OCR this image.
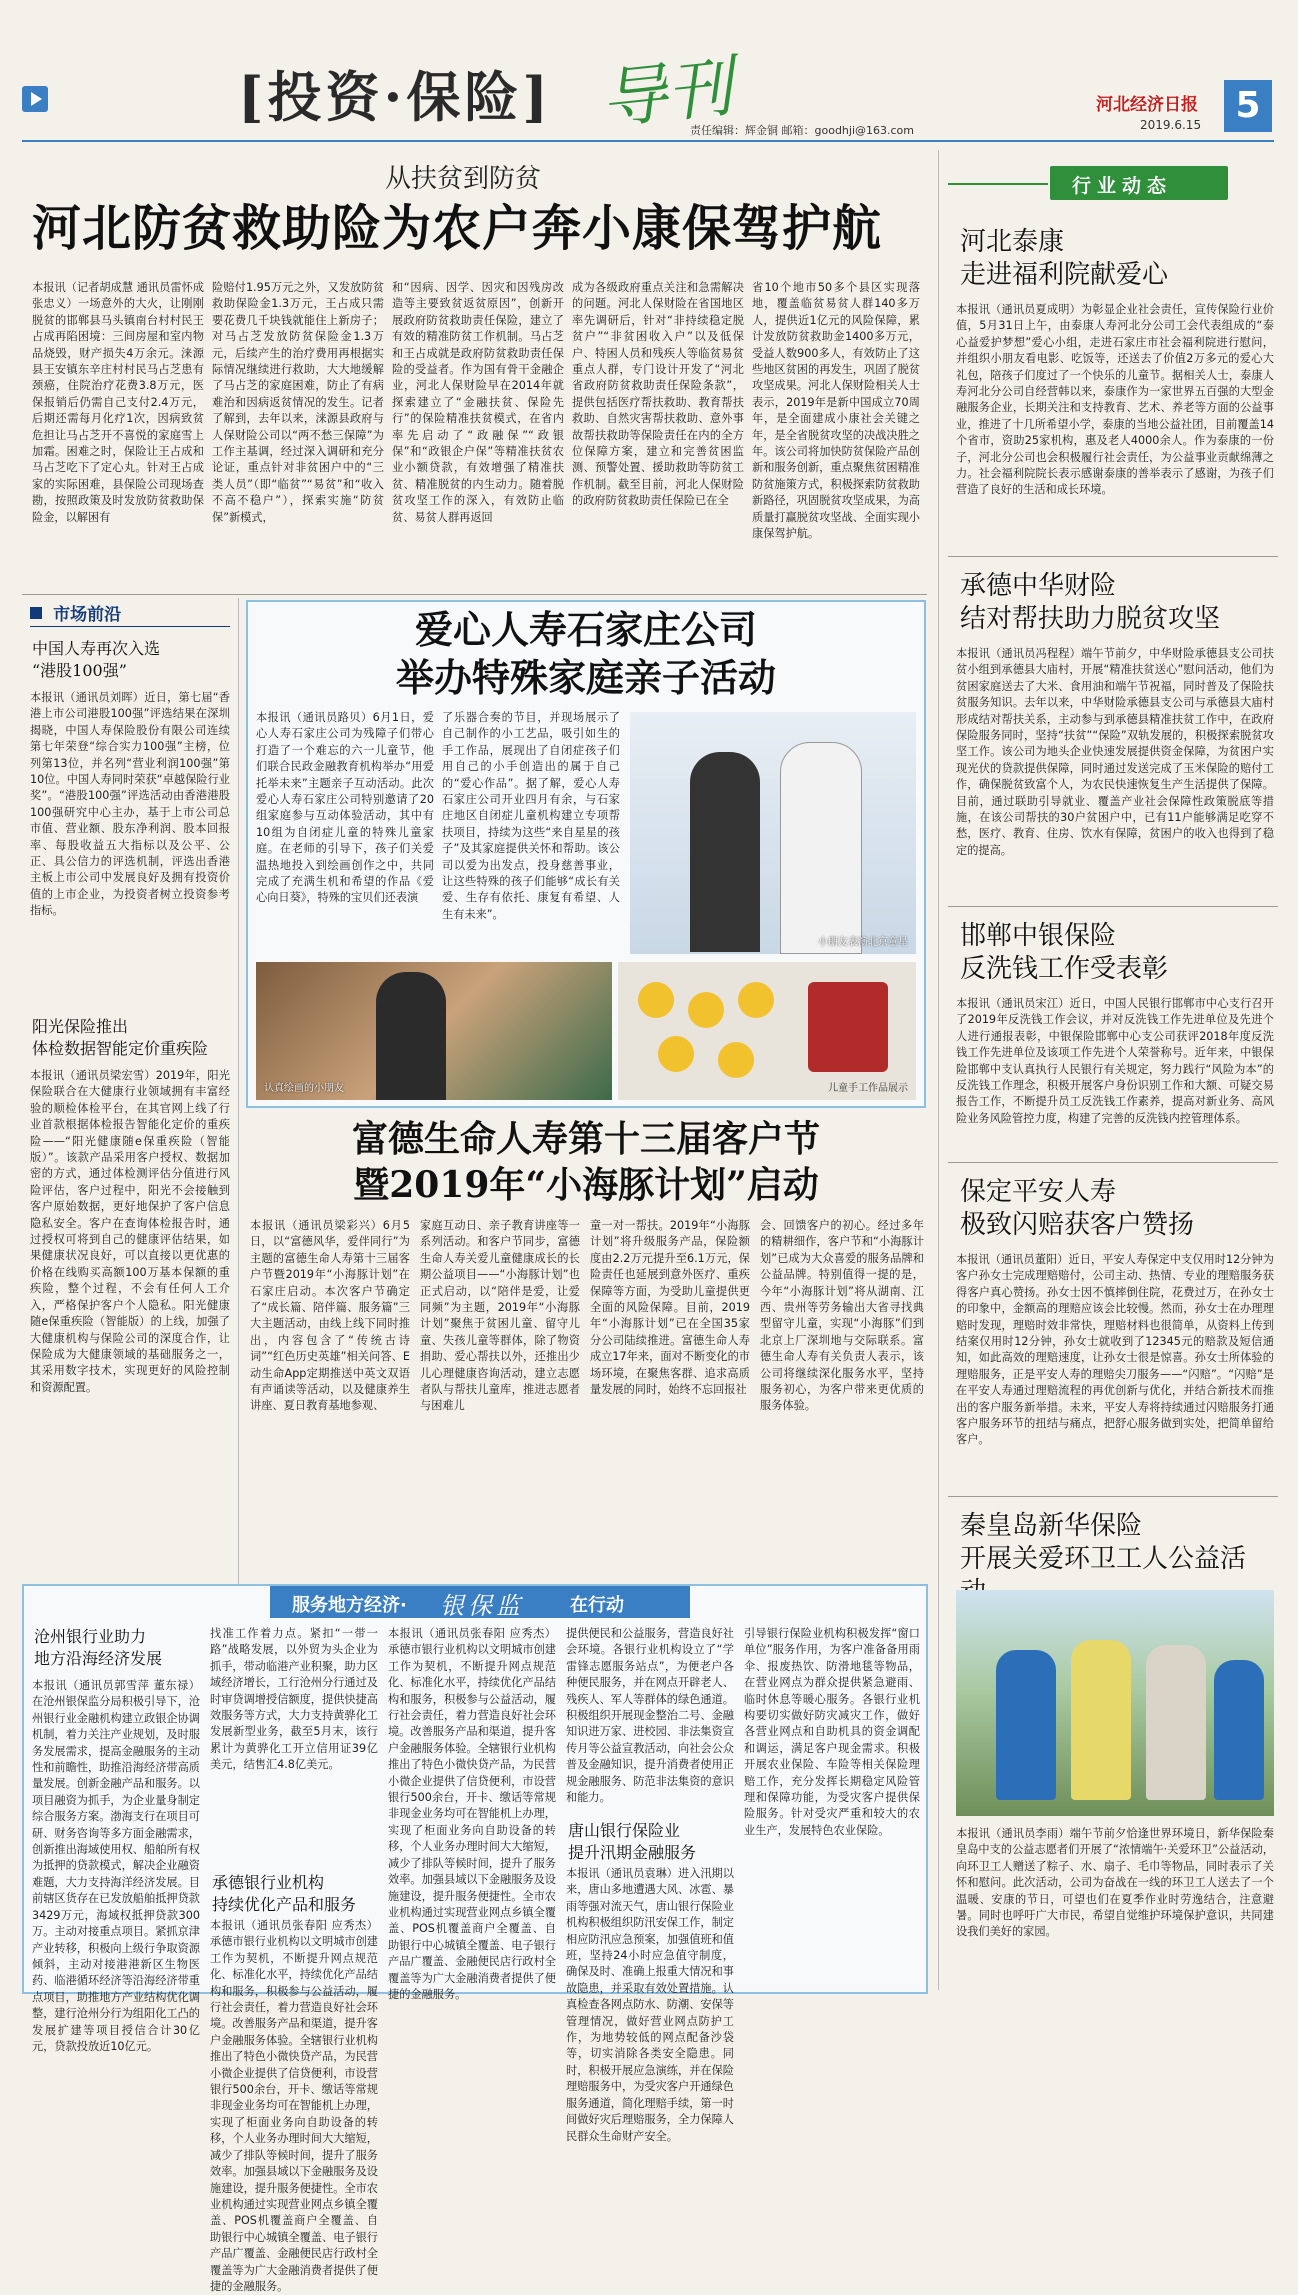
[投资·保险] 导刊
责任编辑：辉金铜 邮箱：goodhji@163.com
河北经济日报
2019.6.15 5
从扶贫到防贫
河北防贫救助险为农户奔小康保驾护航
本报讯（记者胡成慧 通讯员雷怀成 张忠义）一场意外的大火，让刚刚脱贫的邯郸县马头镇南台村村民王占成再陷困境：三间房屋和室内物品烧毁，财产损失4万余元。涞源县王安镇东辛庄村村民马占芝患有颈癌，住院治疗花费3.8万元，医保报销后仍需自己支付2.4万元，后期还需每月化疗1次，因病致贫危担让马占芝开不喜悦的家庭雪上加霜。困难之时，保险让王占成和马占芝吃下了定心丸。针对王占成家的实际困难，县保险公司现场查勘，按照政策及时发放防贫救助保险金，以解困有
险赔付1.95万元之外，又发放防贫救助保险金1.3万元，王占成只需要花费几千块钱就能住上新房子；对马占芝发放防贫保险金1.3万元，后续产生的治疗费用再根据实际情况继续进行救助，大大地缓解了马占芝的家庭困难，防止了有病难治和因病返贫情况的发生。记者了解到，去年以来，涞源县政府与人保财险公司以“两不愁三保障”为工作主基调，经过深入调研和充分论证，重点针对非贫困户中的“三类人员”（即“临贫”“易贫”和“收入不高不稳户”），探索实施“防贫保”新模式，
和“因病、因学、因灾和因残房改造等主要致贫返贫原因”，创新开展政府防贫救助责任保险，建立了有效的精准防贫工作机制。马占芝和王占成就是政府防贫救助责任保险的受益者。作为国有骨干金融企业，河北人保财险早在2014年就探索建立了“金融扶贫、保险先行”的保险精准扶贫模式，在省内率先启动了“政融保”“政银保”和“政银企户保”等精准扶贫农业小额贷款，有效增强了精准扶贫、精准脱贫的内生动力。随着脱贫攻坚工作的深入，有效防止临贫、易贫人群再返回
成为各级政府重点关注和急需解决的问题。河北人保财险在省国地区率先调研后，针对“非持续稳定脱贫户”“非贫困收入户”以及低保户、特困人员和残疾人等临贫易贫重点人群，专门设计开发了“河北省政府防贫救助责任保险条款”，提供包括医疗帮扶救助、教育帮扶救助、自然灾害帮扶救助、意外事故帮扶救助等保险责任在内的全方位保障方案，建立和完善贫困监测、预警处置、援助救助等防贫工作机制。截至目前，河北人保财险的政府防贫救助责任保险已在全
省10个地市50多个县区实现落地，覆盖临贫易贫人群140多万人，提供近1亿元的风险保障，累计发放防贫救助金1400多万元，受益人数900多人，有效防止了这些地区贫困的再发生，巩固了脱贫攻坚成果。河北人保财险相关人士表示，2019年是新中国成立70周年，是全面建成小康社会关键之年，是全省脱贫攻坚的决战决胜之年。该公司将加快防贫保险产品创新和服务创新，重点聚焦贫困精准防贫施策方式，积极探索防贫救助新路径，巩固脱贫攻坚成果，为高质量打赢脱贫攻坚战、全面实现小康保驾护航。
行业动态
河北泰康
走进福利院献爱心
本报讯（通讯员夏成明）为彰显企业社会责任，宣传保险行业价值，5月31日上午，由泰康人寿河北分公司工会代表组成的“泰心益爱护梦想”爱心小组，走进石家庄市社会福利院进行慰问，并组织小朋友看电影、吃饭等，还送去了价值2万多元的爱心大礼包，陪孩子们度过了一个快乐的儿童节。据相关人士，泰康人寿河北分公司自经营韩以来，泰康作为一家世界五百强的大型金融服务企业，长期关注和支持教育、艺术、养老等方面的公益事业，推进了十几所希望小学，泰康的当地公益社团，目前覆盖14个省市，资助25家机构，惠及老人4000余人。作为泰康的一份子，河北分公司也会积极履行社会责任，为公益事业贡献绵薄之力。社会福利院院长表示感谢泰康的善举表示了感谢，为孩子们营造了良好的生活和成长环境。
承德中华财险
结对帮扶助力脱贫攻坚
本报讯（通讯员冯程程）端午节前夕，中华财险承德县支公司扶贫小组到承德县大庙村，开展“精准扶贫送心”慰问活动，他们为贫困家庭送去了大米、食用油和端午节祝福，同时普及了保险扶贫服务知识。去年以来，中华财险承德县支公司与承德县大庙村形成结对帮扶关系，主动参与到承德县精准扶贫工作中，在政府保险服务同时，坚持“扶贫”“保险”双轨发展的，积极探索脱贫攻坚工作。该公司为地头企业快速发展提供资金保障，为贫困户实现光伏的贷款提供保障，同时通过发送完成了玉米保险的赔付工作，确保脱贫致富个人，为农民快速恢复生产生活提供了保障。目前，通过联助引导就业、覆盖产业社会保障性政策脱底等措施，在该公司帮扶的30户贫困户中，已有11户能够满足吃穿不愁，医疗、教育、住房、饮水有保障，贫困户的收入也得到了稳定的提高。
邯郸中银保险
反洗钱工作受表彰
本报讯（通讯员宋江）近日，中国人民银行邯郸市中心支行召开了2019年反洗钱工作会议，并对反洗钱工作先进单位及先进个人进行通报表彰，中银保险邯郸中心支公司获评2018年度反洗钱工作先进单位及该项工作先进个人荣誉称号。近年来，中银保险邯郸中支认真执行人民银行有关规定，努力践行“风险为本”的反洗钱工作理念，积极开展客户身份识别工作和大额、可疑交易报告工作，不断提升员工反洗钱工作素养，提高对新业务、高风险业务风险管控力度，构建了完善的反洗钱内控管理体系。
保定平安人寿
极致闪赔获客户赞扬
本报讯（通讯员董阳）近日，平安人寿保定中支仅用时12分钟为客户孙女士完成理赔赔付，公司主动、热情、专业的理赔服务获得客户真心赞扬。孙女士因不慎摔倒住院，花费过万，在孙女士的印象中，金额高的理赔应该会比较慢。然而，孙女士在办理理赔时发现，理赔时效非常快，理赔材料也很简单，从资料上传到结案仅用时12分钟，孙女士就收到了12345元的赔款及短信通知，如此高效的理赔速度，让孙女士很是惊喜。孙女士所体验的理赔服务，正是平安人寿的理赔尖刀服务——“闪赔”。“闪赔”是在平安人寿通过理赔流程的再优创新与优化，并结合新技术而推出的客户服务新举措。未来，平安人寿将持续通过闪赔服务打通客户服务环节的扭结与痛点，把舒心服务做到实处，把简单留给客户。
秦皇岛新华保险
开展关爱环卫工人公益活
本报讯（通讯员李雨）端午节前夕恰逢世界环境日，新华保险秦皇岛中支的公益志愿者们开展了“浓情端午·关爱环卫”公益活动，向环卫工人赠送了粽子、水、扇子、毛巾等物品，同时表示了关怀和慰问。此次活动，公司为奋战在一线的环卫工人送去了一个温暖、安康的节日，可望也们在夏季作业时劳逸结合，注意避暑。同时也呼吁广大市民，希望自觉维护环境保护意识，共同建设我们美好的家园。
市场前沿
中国人寿再次入选
“港股100强”
本报讯（通讯员刘晖）近日，第七届“香港上市公司港股100强”评选结果在深圳揭晓，中国人寿保险股份有限公司连续第七年荣登“综合实力100强”主榜，位列第13位，并名列“营业利润100强”第10位。中国人寿同时荣获“卓越保险行业奖”。“港股100强”评选活动由香港港股100强研究中心主办，基于上市公司总市值、营业额、股东净利润、股本回报率、每股收益五大指标以及公平、公正、具公信力的评选机制，评选出香港主板上市公司中发展良好及拥有投资价值的上市企业，为投资者树立投资参考指标。
阳光保险推出
体检数据智能定价重疾险
本报讯（通讯员梁宏雪）2019年，阳光保险联合在大健康行业领域拥有丰富经验的顺检体检平台，在其官网上线了行业首款根据体检报告智能化定价的重疾险——“阳光健康随e保重疾险（智能版）”。该款产品采用客户授权、数据加密的方式，通过体检测评估分值进行风险评估，客户过程中，阳光不会接触到客户原始数据，更好地保护了客户信息隐私安全。客户在查询体检报告时，通过授权可将到自己的健康评估结果，如果健康状况良好，可以直接以更优惠的价格在线购买高额100万基本保额的重疾险，整个过程，不会有任何人工介入，严格保护客户个人隐私。阳光健康随e保重疾险（智能版）的上线，加强了大健康机构与保险公司的深度合作，让保险成为大健康领域的基础服务之一，其采用数字技术，实现更好的风险控制和资源配置。
爱心人寿石家庄公司
举办特殊家庭亲子活动
本报讯（通讯员路贝）6月1日，爱心人寿石家庄公司为残障子们带心打造了一个难忘的六一儿童节，他们联合民政金融教育机构举办“用爱托举未来”主题亲子互动活动。此次爱心人寿石家庄公司特别邀请了20组家庭参与互动体验活动，其中有10组为自闭症儿童的特殊儿童家庭。在老师的引导下，孩子们关爱温热地投入到绘画创作之中，共同完成了充满生机和希望的作品《爱心向日葵》，特殊的宝贝们还表演
了乐器合奏的节目，并现场展示了自己制作的小工艺品，吸引如生的手工作品，展现出了自闭症孩子们用自己的小手创造出的属于自己的“爱心作品”。据了解，爱心人寿石家庄公司开业四月有余，与石家庄地区自闭症儿童机构建立专项帮扶项目，持续为这些“来自星星的孩子”及其家庭提供关怀和帮助。该公司以爱为出发点，投身慈善事业，让这些特殊的孩子们能够“成长有关爱、生存有依托、康复有希望、人生有未来”。
小朋友表演北京童星
认真绘画的小朋友	儿童手工作品展示
富德生命人寿第十三届客户节
暨2019年“小海豚计划”启动
本报讯（通讯员梁彩兴）6月5日，以“富德风华，爱伴同行”为主题的富德生命人寿第十三届客户节暨2019年“小海豚计划”在石家庄启动。本次客户节确定了“成长篇、陪伴篇、服务篇”三大主题活动，由线上线下同时推出，内容包含了“传统古诗词”“红色历史英雄”相关问答、E动生命App定期推送中英文双语有声诵读等活动，以及健康养生讲座、夏日教育基地参观、
家庭互动日、亲子教育讲座等一系列活动。和客户节同步，富德生命人寿关爱儿童健康成长的长期公益项目——“小海豚计划”也正式启动，以“陪伴是爱，让爱同频”为主题，2019年“小海豚计划”聚焦于贫困儿童、留守儿童、失孩儿童等群体，除了物资捐助、爱心帮扶以外，还推出少儿心理健康咨询活动，建立志愿者队与帮扶儿童库，推进志愿者与困难儿
童一对一帮扶。2019年“小海豚计划”将升级服务产品，保险额度由2.2万元提升至6.1万元，保险责任也延展到意外医疗、重疾保障等方面，为受助儿童提供更全面的风险保障。目前，2019年“小海豚计划”已在全国35家分公司陆续推进。富德生命人寿成立17年来，面对不断变化的市场环境，在聚焦客群、追求高质量发展的同时，始终不忘回报社
会、回馈客户的初心。经过多年的精耕细作，客户节和“小海豚计划”已成为大众喜爱的服务品牌和公益品牌。特别值得一提的是，今年“小海豚计划”将从湖南、江西、贵州等劳务输出大省寻找典型留守儿童，实现“小海豚”们到北京上厂深圳地与交际联系。富德生命人寿有关负责人表示，该公司将继续深化服务水平，坚持服务初心，为客户带来更优质的服务体验。
服务地方经济· 银保监	在行动
沧州银行业助力
地方沿海经济发展
本报讯（通讯员郭雪萍 董东禄）在沧州银保监分局积极引导下，沧州银行业金融机构建立政银企协调机制，着力关注产业规划，及时服务发展需求，提高金融服务的主动性和前瞻性，助推沿海经济带高质量发展。创新金融产品和服务。以项目融资为抓手，为企业量身制定综合服务方案。渤海支行在项目可研、财务咨询等多方面金融需求，创新推出海域使用权、船舶所有权为抵押的贷款模式，解决企业融资难题，大力支持海洋经济发展。目前辖区货存在已发放船舶抵押贷款3429万元，海域权抵押贷款300万。主动对接重点项目。紧抓京津产业转移，积极向上级行争取资源倾斜，主动对接港港新区生物医药、临港循环经济等沿海经济带重点项目，助推地方产业结构优化调整，建行沧州分行为组阳化工凸的发展扩建等项目授信合计30亿元，贷款投放近10亿元。
找准工作着力点。紧扣“一带一路”战略发展，以外贸为头企业为抓手，带动临港产业积聚，助力区域经济增长，工行沧州分行通过及时审贷调增授信额度，提供快捷高效服务等方式，大力支持黄骅化工发展新型业务，截至5月末，该行累计为黄骅化工开立信用证39亿美元，结售汇4.8亿美元。
承德银行业机构
持续优化产品和服务
本报讯（通讯员张春阳 应秀杰）承德市银行业机构以文明城市创建工作为契机，不断提升网点规范化、标准化水平，持续优化产品结构和服务，积极参与公益活动，履行社会责任，着力营造良好社会环境。改善服务产品和渠道，提升客户金融服务体验。全辖银行业机构推出了特色小微快贷产品，为民营小微企业提供了信贷便利，市设营银行500余台，开卡、缴话等常规非现金业务均可在智能机上办理，实现了柜面业务向自助设备的转移，个人业务办理时间大大缩短，减少了排队等候时间，提升了服务效率。加强县域以下金融服务及设施建设，提升服务便捷性。全市农业机构通过实现营业网点乡镇全覆盖、POS机覆盖商户全覆盖、自助银行中心城镇全覆盖、电子银行产品广覆盖、金融便民店行政村全覆盖等为广大金融消费者提供了便捷的金融服务。
本报讯（通讯员张春阳 应秀杰）承德市银行业机构以文明城市创建工作为契机，不断提升网点规范化、标准化水平，持续优化产品结构和服务，积极参与公益活动，履行社会责任，着力营造良好社会环境。改善服务产品和渠道，提升客户金融服务体验。全辖银行业机构推出了特色小微快贷产品，为民营小微企业提供了信贷便利，市设营银行500余台，开卡、缴话等常规非现金业务均可在智能机上办理，实现了柜面业务向自助设备的转移，个人业务办理时间大大缩短，减少了排队等候时间，提升了服务效率。加强县域以下金融服务及设施建设，提升服务便捷性。全市农业机构通过实现营业网点乡镇全覆盖、POS机覆盖商户全覆盖、自助银行中心城镇全覆盖、电子银行产品广覆盖、金融便民店行政村全覆盖等为广大金融消费者提供了便捷的金融服务。
提供便民和公益服务，营造良好社会环境。各银行业机构设立了“学雷锋志愿服务站点”，为便老户各种便民服务，并在网点开辟老人、残疾人、军人等群体的绿色通道。积极组织开展现金整治二号、金融知识进万家、进校园、非法集资宣传月等公益宣教活动，向社会公众普及金融知识，提升消费者使用正规金融服务、防范非法集资的意识和能力。
唐山银行保险业
提升汛期金融服务
本报讯（通讯员袁琳）进入汛期以来，唐山多地遭遇大风、冰雹、暴雨等强对流天气，唐山银行保险业机构积极组织防汛安保工作，制定相应防汛应急预案，加强值班和值班，坚持24小时应急值守制度，确保及时、准确上报重大情况和事故隐患，并采取有效处置措施。认真检查各网点防水、防潮、安保等管理情况，做好营业网点防护工作，为地势较低的网点配备沙袋等，切实消除各类安全隐患。同时，积极开展应急演练，并在保险理赔服务中，为受灾客户开通绿色服务通道，简化理赔手续，第一时间做好灾后理赔服务，全力保障人民群众生命财产安全。
引导银行保险业机构积极发挥“窗口单位”服务作用，为客户准备备用雨伞、报废热饮、防滑地毯等物品，在营业网点为群众提供紧急避雨、临时休息等暖心服务。各银行业机构要切实做好防灾减灾工作，做好各营业网点和自助机具的资金调配和调运，满足客户现金需求。积极开展农业保险、车险等相关保险理赔工作，充分发挥长期稳定风险管理和保障功能，为受灾客户提供保险服务。针对受灾严重和较大的农业生产，发展特色农业保险。
